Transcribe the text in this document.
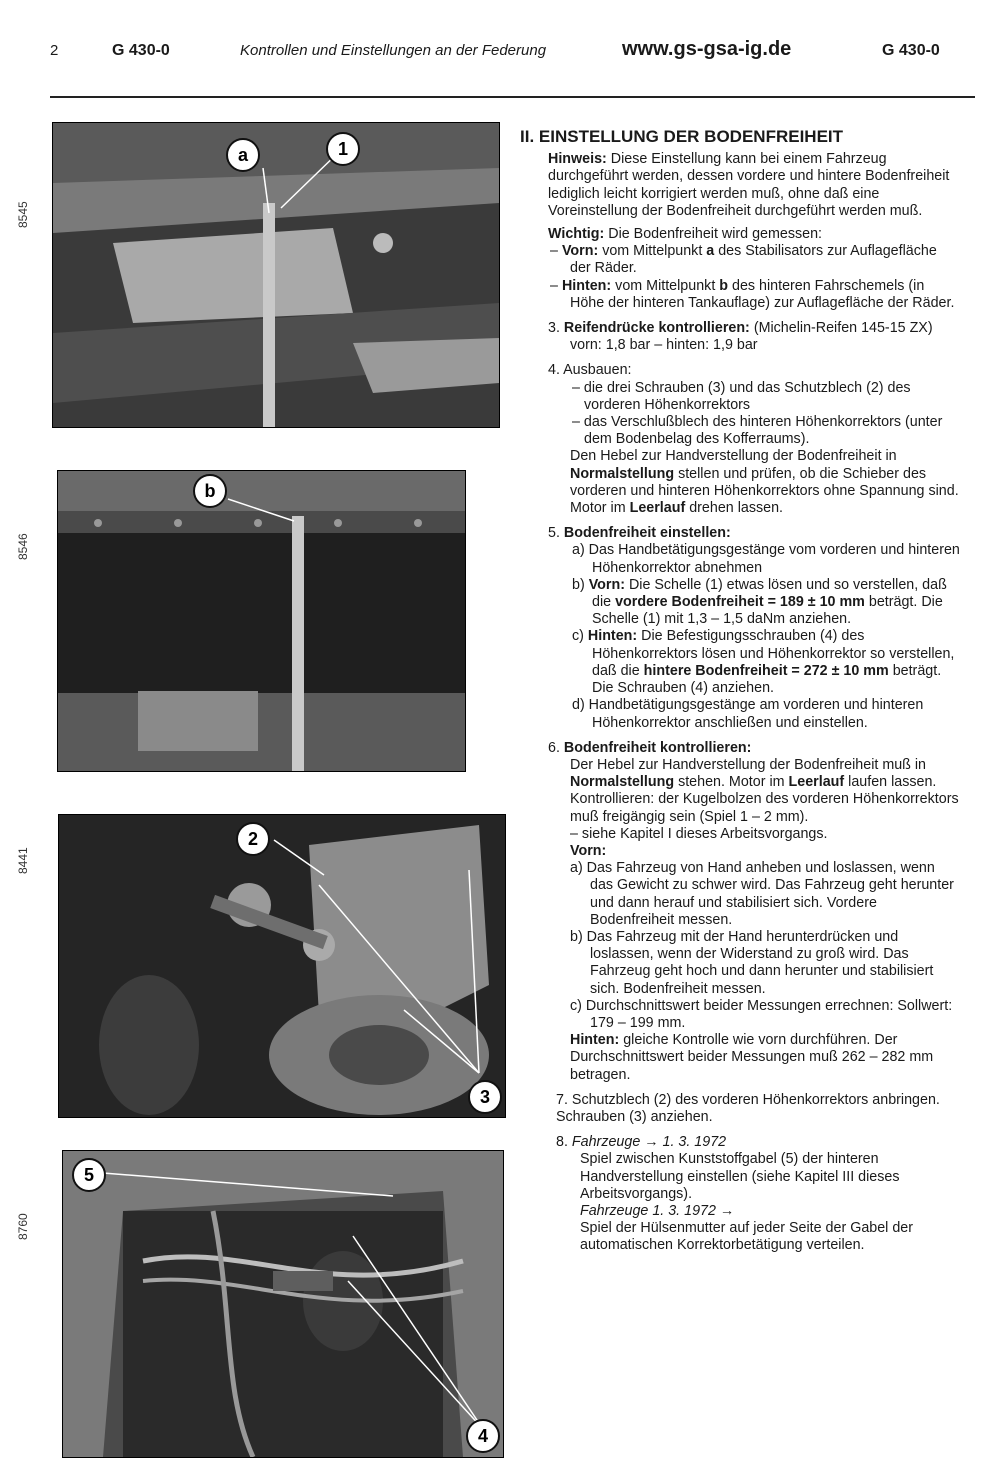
2	G 430-0	Kontrollen und Einstellungen an der Federung	www.gs-gsa-ig.de	G 430-0
8545
a	1
8546
b
8441
2
3
8760
5
4

II. EINSTELLUNG DER BODENFREIHEIT

Hinweis: Diese Einstellung kann bei einem Fahrzeug durchgeführt werden, dessen vordere und hintere Bodenfreiheit lediglich leicht korrigiert werden muß, ohne daß eine Voreinstellung der Bodenfreiheit durchgeführt werden muß.

Wichtig: Die Bodenfreiheit wird gemessen:

– Vorn: vom Mittelpunkt a des Stabilisators zur Auflagefläche der Räder.

– Hinten: vom Mittelpunkt b des hinteren Fahrschemels (in Höhe der hinteren Tankauflage) zur Auflagefläche der Räder.

3. Reifendrücke kontrollieren: (Michelin-Reifen 145-15 ZX)

vorn: 1,8 bar – hinten: 1,9 bar

4. Ausbauen:

– die drei Schrauben (3) und das Schutzblech (2) des vorderen Höhenkorrektors

– das Verschlußblech des hinteren Höhenkorrektors (unter dem Bodenbelag des Kofferraums).

Den Hebel zur Handverstellung der Bodenfreiheit in Normalstellung stellen und prüfen, ob die Schieber des vorderen und hinteren Höhenkorrektors ohne Spannung sind.

Motor im Leerlauf drehen lassen.

5. Bodenfreiheit einstellen:

a) Das Handbetätigungsgestänge vom vorderen und hinteren Höhenkorrektor abnehmen

b) Vorn: Die Schelle (1) etwas lösen und so verstellen, daß die vordere Bodenfreiheit = 189 ± 10 mm beträgt. Die Schelle (1) mit 1,3 – 1,5 daNm anziehen.

c) Hinten: Die Befestigungsschrauben (4) des Höhenkorrektors lösen und Höhenkorrektor so verstellen, daß die hintere Bodenfreiheit = 272 ± 10 mm beträgt. Die Schrauben (4) anziehen.

d) Handbetätigungsgestänge am vorderen und hinteren Höhenkorrektor anschließen und einstellen.

6. Bodenfreiheit kontrollieren:

Der Hebel zur Handverstellung der Bodenfreiheit muß in Normalstellung stehen. Motor im Leerlauf laufen lassen.

Kontrollieren: der Kugelbolzen des vorderen Höhenkorrektors muß freigängig sein (Spiel 1 – 2 mm).

– siehe Kapitel I dieses Arbeitsvorgangs.

Vorn:

a) Das Fahrzeug von Hand anheben und loslassen, wenn das Gewicht zu schwer wird. Das Fahrzeug geht herunter und dann herauf und stabilisiert sich. Vordere Bodenfreiheit messen.

b) Das Fahrzeug mit der Hand herunterdrücken und loslassen, wenn der Widerstand zu groß wird. Das Fahrzeug geht hoch und dann herunter und stabilisiert sich. Bodenfreiheit messen.

c) Durchschnittswert beider Messungen errechnen: Sollwert: 179 – 199 mm.

Hinten: gleiche Kontrolle wie vorn durchführen. Der Durchschnittswert beider Messungen muß 262 – 282 mm betragen.

7. Schutzblech (2) des vorderen Höhenkorrektors anbringen. Schrauben (3) anziehen.

8. Fahrzeuge → 1. 3. 1972

Spiel zwischen Kunststoffgabel (5) der hinteren Handverstellung einstellen (siehe Kapitel III dieses Arbeitsvorgangs).

Fahrzeuge 1. 3. 1972 →

Spiel der Hülsenmutter auf jeder Seite der Gabel der automatischen Korrektorbetätigung verteilen.
